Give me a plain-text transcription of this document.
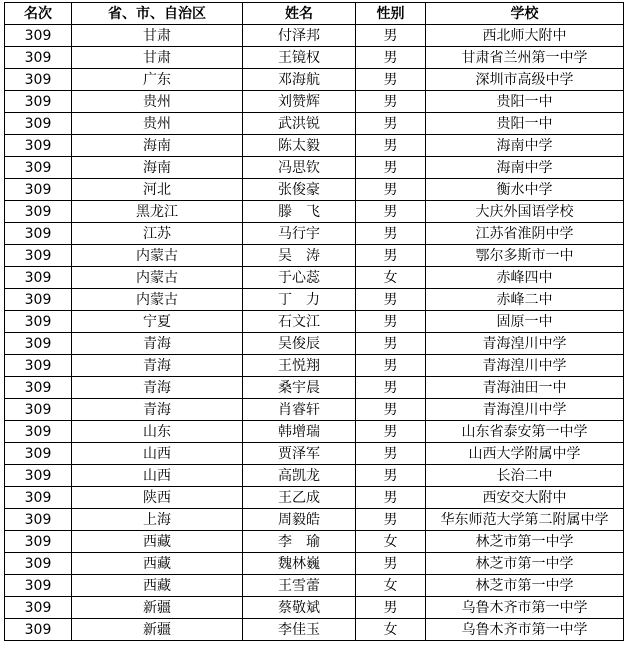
名次	省、市、自治区	姓名	性别	学校
309	甘肃	付泽邦	男	西北师大附中
309	甘肃	王镜权	男	甘肃省兰州第一中学
309	广东	邓海航	男	深圳市高级中学
309	贵州	刘赞辉	男	贵阳一中
309	贵州	武洪锐	男	贵阳一中
309	海南	陈太毅	男	海南中学
309	海南	冯思钦	男	海南中学
309	河北	张俊豪	男	衡水中学
309	黑龙江	滕　飞	男	大庆外国语学校
309	江苏	马行宇	男	江苏省淮阴中学
309	内蒙古	吴　涛	男	鄂尔多斯市一中
309	内蒙古	于心蕊	女	赤峰四中
309	内蒙古	丁　力	男	赤峰二中
309	宁夏	石文江	男	固原一中
309	青海	吴俊辰	男	青海湟川中学
309	青海	王悦翔	男	青海湟川中学
309	青海	桑宇晨	男	青海油田一中
309	青海	肖睿轩	男	青海湟川中学
309	山东	韩增瑞	男	山东省泰安第一中学
309	山西	贾泽军	男	山西大学附属中学
309	山西	高凯龙	男	长治二中
309	陕西	王乙成	男	西安交大附中
309	上海	周毅皓	男	华东师范大学第二附属中学
309	西藏	李　瑜	女	林芝市第一中学
309	西藏	魏林巍	男	林芝市第一中学
309	西藏	王雪蕾	女	林芝市第一中学
309	新疆	蔡敬斌	男	乌鲁木齐市第一中学
309	新疆	李佳玉	女	乌鲁木齐市第一中学
